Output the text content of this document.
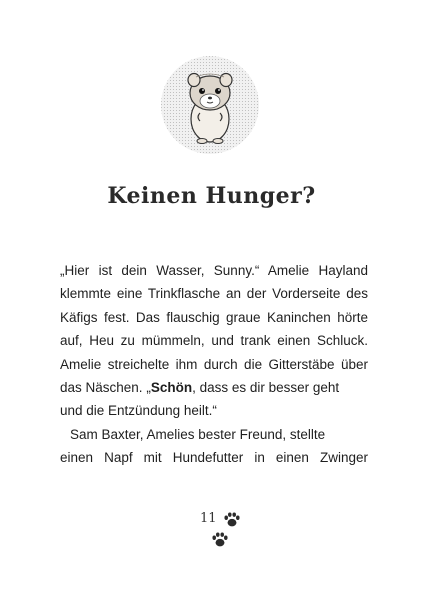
Keinen Hunger?
„Hier ist dein Wasser, Sunny.“ Amelie Hayland
klemmte eine Trinkflasche an der Vorderseite des
Käfigs fest. Das flauschig graue Kaninchen hörte
auf, Heu zu mümmeln, und trank einen Schluck.
Amelie streichelte ihm durch die Gitterstäbe über
das Näschen. „Schön, dass es dir besser geht
und die Entzündung heilt.“
Sam Baxter, Amelies bester Freund, stellte
einen Napf mit Hundefutter in einen Zwinger
11
